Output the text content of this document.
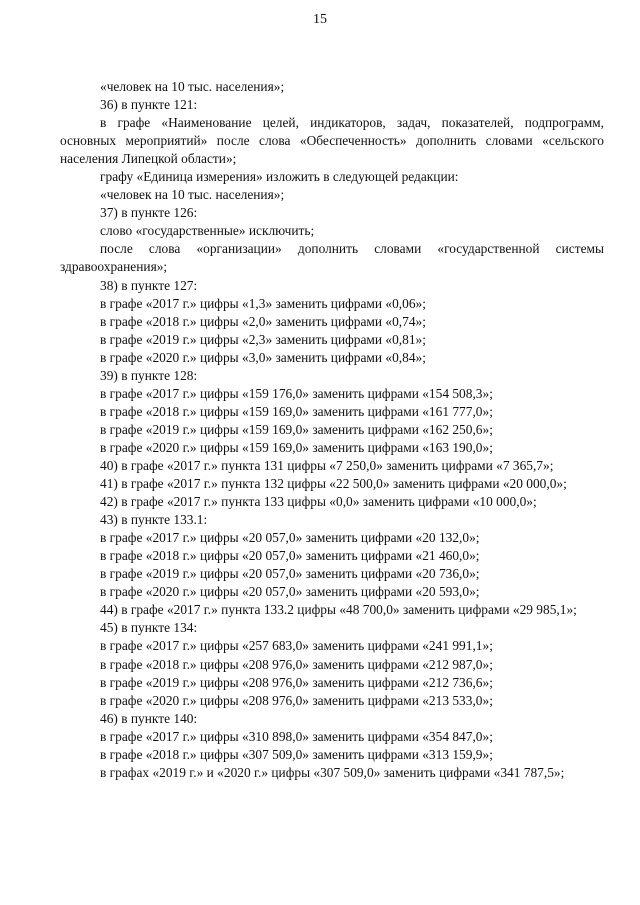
15

«человек на 10 тыс. населения»;

36) в пункте 121:

в графе «Наименование целей, индикаторов, задач, показателей, подпрограмм, основных мероприятий» после слова «Обеспеченность» дополнить словами «сельского населения Липецкой области»;

графу «Единица измерения» изложить в следующей редакции:

«человек на 10 тыс. населения»;

37) в пункте 126:

слово «государственные» исключить;

после слова «организации» дополнить словами «государственной системы здравоохранения»;

38) в пункте 127:

в графе «2017 г.» цифры «1,3» заменить цифрами «0,06»;

в графе «2018 г.» цифры «2,0» заменить цифрами «0,74»;

в графе «2019 г.» цифры «2,3» заменить цифрами «0,81»;

в графе «2020 г.» цифры «3,0» заменить цифрами «0,84»;

39) в пункте 128:

в графе «2017 г.» цифры «159 176,0» заменить цифрами «154 508,3»;

в графе «2018 г.» цифры «159 169,0» заменить цифрами «161 777,0»;

в графе «2019 г.» цифры «159 169,0» заменить цифрами «162 250,6»;

в графе «2020 г.» цифры «159 169,0» заменить цифрами «163 190,0»;

40) в графе «2017 г.» пункта 131 цифры «7 250,0» заменить цифрами «7 365,7»;

41) в графе «2017 г.» пункта 132 цифры «22 500,0» заменить цифрами «20 000,0»;

42) в графе «2017 г.» пункта 133 цифры «0,0» заменить цифрами «10 000,0»;

43) в пункте 133.1:

в графе «2017 г.» цифры «20 057,0» заменить цифрами «20 132,0»;

в графе «2018 г.» цифры «20 057,0» заменить цифрами «21 460,0»;

в графе «2019 г.» цифры «20 057,0» заменить цифрами «20 736,0»;

в графе «2020 г.» цифры «20 057,0» заменить цифрами «20 593,0»;

44) в графе «2017 г.» пункта 133.2 цифры «48 700,0» заменить цифрами «29 985,1»;

45) в пункте 134:

в графе «2017 г.» цифры «257 683,0» заменить цифрами «241 991,1»;

в графе «2018 г.» цифры «208 976,0» заменить цифрами «212 987,0»;

в графе «2019 г.» цифры «208 976,0» заменить цифрами «212 736,6»;

в графе «2020 г.» цифры «208 976,0» заменить цифрами «213 533,0»;

46) в пункте 140:

в графе «2017 г.» цифры «310 898,0» заменить цифрами «354 847,0»;

в графе «2018 г.» цифры «307 509,0» заменить цифрами «313 159,9»;

в графах «2019 г.» и «2020 г.» цифры «307 509,0» заменить цифрами «341 787,5»;
